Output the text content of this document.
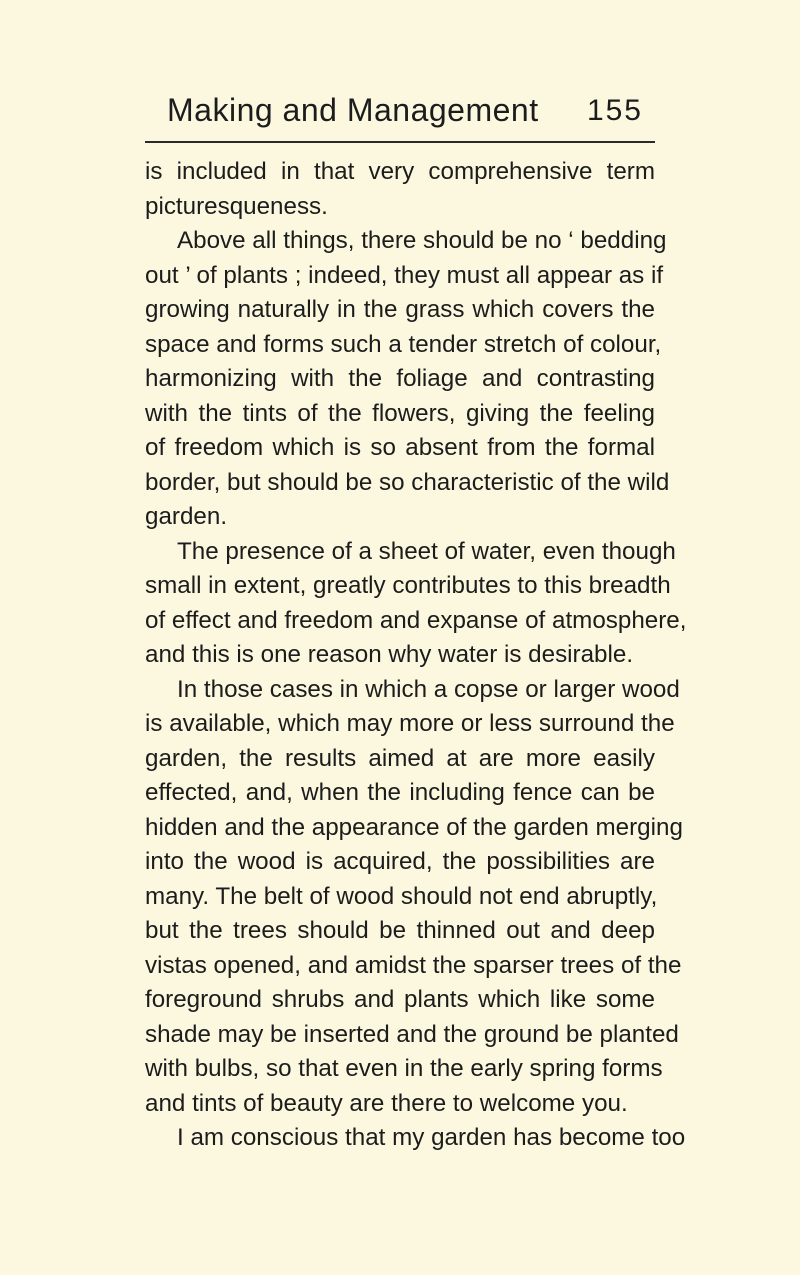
Making and Management 155
is included in that very comprehensive term
picturesqueness.
Above all things, there should be no ‘ bedding
out ’ of plants ; indeed, they must all appear as if
growing naturally in the grass which covers the
space and forms such a tender stretch of colour,
harmonizing with the foliage and contrasting
with the tints of the flowers, giving the feeling
of freedom which is so absent from the formal
border, but should be so characteristic of the wild
garden.
The presence of a sheet of water, even though
small in extent, greatly contributes to this breadth
of effect and freedom and expanse of atmosphere,
and this is one reason why water is desirable.
In those cases in which a copse or larger wood
is available, which may more or less surround the
garden, the results aimed at are more easily
effected, and, when the including fence can be
hidden and the appearance of the garden merging
into the wood is acquired, the possibilities are
many. The belt of wood should not end abruptly,
but the trees should be thinned out and deep
vistas opened, and amidst the sparser trees of the
foreground shrubs and plants which like some
shade may be inserted and the ground be planted
with bulbs, so that even in the early spring forms
and tints of beauty are there to welcome you.
I am conscious that my garden has become too
